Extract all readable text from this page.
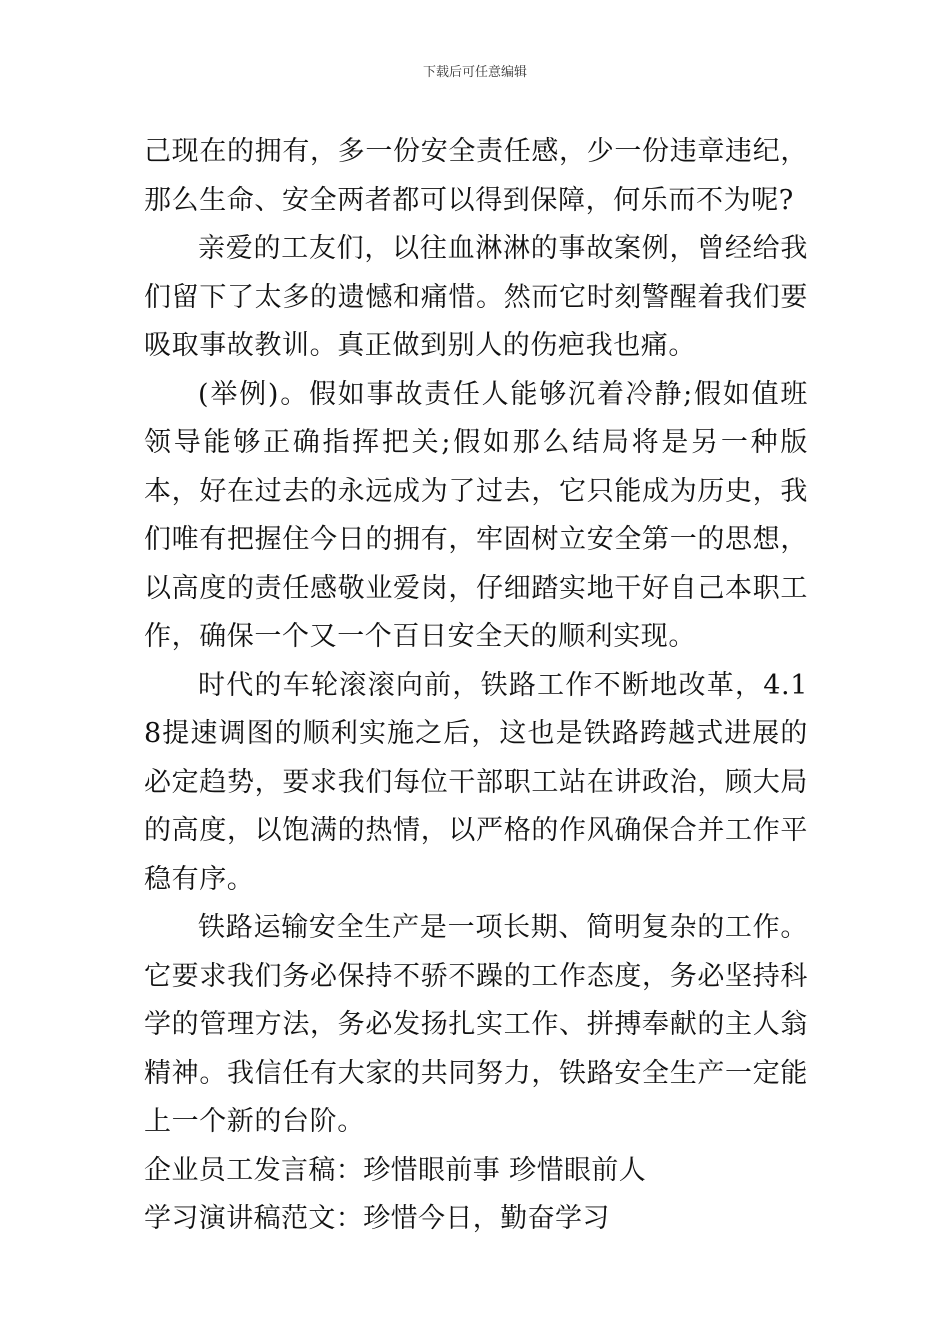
下载后可任意编辑

己现在的拥有，多一份安全责任感，少一份违章违纪，那么生命、安全两者都可以得到保障，何乐而不为呢?

亲爱的工友们，以往血淋淋的事故案例，曾经给我们留下了太多的遗憾和痛惜。然而它时刻警醒着我们要吸取事故教训。真正做到别人的伤疤我也痛。

(举例)。假如事故责任人能够沉着冷静;假如值班领导能够正确指挥把关;假如那么结局将是另一种版本，好在过去的永远成为了过去，它只能成为历史，我们唯有把握住今日的拥有，牢固树立安全第一的思想，以高度的责任感敬业爱岗，仔细踏实地干好自己本职工作，确保一个又一个百日安全天的顺利实现。

时代的车轮滚滚向前，铁路工作不断地改革，4.18提速调图的顺利实施之后，这也是铁路跨越式进展的必定趋势，要求我们每位干部职工站在讲政治，顾大局的高度，以饱满的热情，以严格的作风确保合并工作平稳有序。

铁路运输安全生产是一项长期、简明复杂的工作。它要求我们务必保持不骄不躁的工作态度，务必坚持科学的管理方法，务必发扬扎实工作、拼搏奉献的主人翁精神。我信任有大家的共同努力，铁路安全生产一定能上一个新的台阶。

企业员工发言稿：珍惜眼前事 珍惜眼前人

学习演讲稿范文：珍惜今日，勤奋学习
